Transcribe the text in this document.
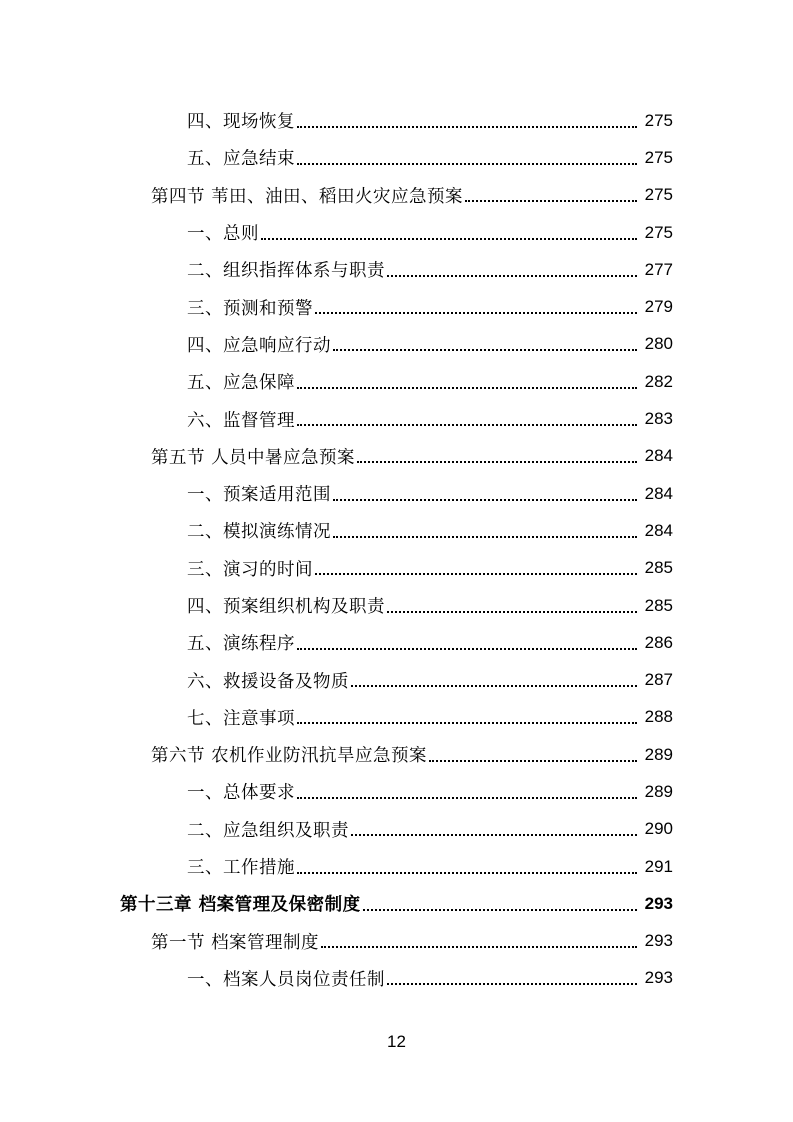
四、现场恢复	275
五、应急结束	275
第四节 苇田、油田、稻田火灾应急预案	275
一、总则	275
二、组织指挥体系与职责	277
三、预测和预警	279
四、应急响应行动	280
五、应急保障	282
六、监督管理	283
第五节 人员中暑应急预案	284
一、预案适用范围	284
二、模拟演练情况	284
三、演习的时间	285
四、预案组织机构及职责	285
五、演练程序	286
六、救援设备及物质	287
七、注意事项	288
第六节 农机作业防汛抗旱应急预案	289
一、总体要求	289
二、应急组织及职责	290
三、工作措施	291
第十三章 档案管理及保密制度	293
第一节 档案管理制度	293
一、档案人员岗位责任制	293
12
